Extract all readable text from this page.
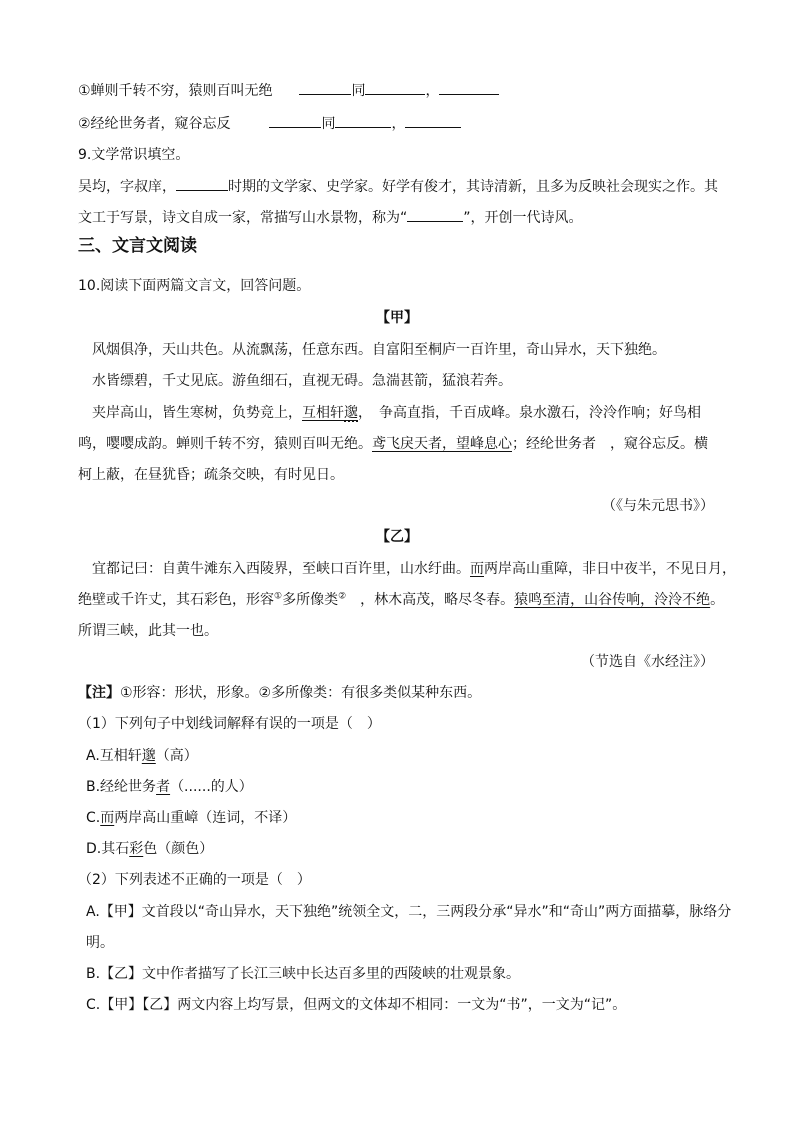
①蝉则千转不穷，猿则百叫无绝	同	，
②经纶世务者，窥谷忘反	同	，
9.文学常识填空。
吴均，字叔庠，	时期的文学家、史学家。好学有俊才，其诗清新，且多为反映社会现实之作。其
文工于写景，诗文自成一家，常描写山水景物，称为“	”，开创一代诗风。
三、文言文阅读
10.阅读下面两篇文言文，回答问题。
【甲】
风烟俱净，天山共色。从流飘荡，任意东西。自富阳至桐庐一百许里，奇山异水，天下独绝。
水皆缥碧，千丈见底。游鱼细石，直视无碍。急湍甚箭，猛浪若奔。
夹岸高山，皆生寒树，负势竞上，互相轩邈，　争高直指，千百成峰。泉水激石，泠泠作响；好鸟相
鸣，嘤嘤成韵。蝉则千转不穷，猿则百叫无绝。鸢飞戾天者，望峰息心；经纶世务者　，窥谷忘反。横
柯上蔽，在昼犹昏；疏条交映，有时见日。
（《与朱元思书》）
【乙】
宜都记曰：自黄牛滩东入西陵界，至峡口百许里，山水纡曲。而两岸高山重障，非日中夜半，不见日月，
绝壁或千许丈，其石彩色，形容①多所像类②　，林木高茂，略尽冬春。猿鸣至清，山谷传响，泠泠不绝。
所谓三峡，此其一也。
（节选自《水经注》）
【注】①形容：形状，形象。②多所像类：有很多类似某种东西。
（1）下列句子中划线词解释有误的一项是（　）
A.互相轩邈（高）
B.经纶世务者（......的人）
C.而两岸高山重嶂（连词，不译）
D.其石彩色（颜色）
（2）下列表述不正确的一项是（　）
A.【甲】文首段以“奇山异水，天下独绝”统领全文，二，三两段分承“异水”和“奇山”两方面描摹，脉络分
明。
B.【乙】文中作者描写了长江三峡中长达百多里的西陵峡的壮观景象。
C.【甲】【乙】两文内容上均写景，但两文的文体却不相同：一文为“书”，一文为“记”。
